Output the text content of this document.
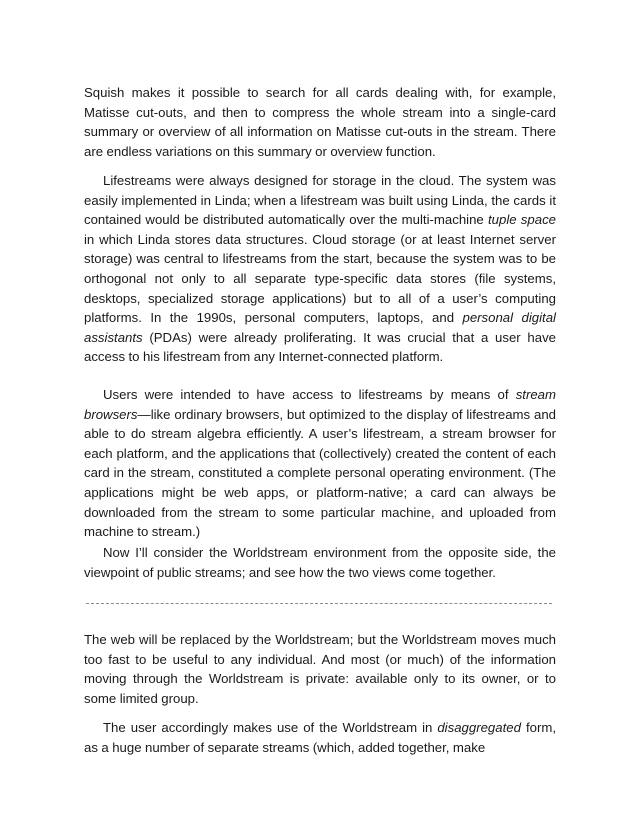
Squish makes it possible to search for all cards dealing with, for example, Matisse cut-outs, and then to compress the whole stream into a single-card summary or overview of all information on Matisse cut-outs in the stream. There are endless variations on this summary or overview function.

Lifestreams were always designed for storage in the cloud. The system was easily implemented in Linda; when a lifestream was built using Linda, the cards it contained would be distributed automatically over the multi-machine tuple space in which Linda stores data structures. Cloud storage (or at least Internet server storage) was central to lifestreams from the start, because the system was to be orthogonal not only to all separate type-specific data stores (file systems, desktops, specialized storage applications) but to all of a user’s computing platforms. In the 1990s, personal computers, laptops, and personal digital assistants (PDAs) were already proliferating. It was crucial that a user have access to his lifestream from any Internet-connected platform.

Users were intended to have access to lifestreams by means of stream browsers—like ordinary browsers, but optimized to the display of lifestreams and able to do stream algebra efficiently. A user’s lifestream, a stream browser for each platform, and the applications that (collectively) created the content of each card in the stream, constituted a complete personal operating environment. (The applications might be web apps, or platform-native; a card can always be downloaded from the stream to some particular machine, and uploaded from machine to stream.)

Now I’ll consider the Worldstream environment from the opposite side, the viewpoint of public streams; and see how the two views come together.

The web will be replaced by the Worldstream; but the Worldstream moves much too fast to be useful to any individual. And most (or much) of the information moving through the Worldstream is private: available only to its owner, or to some limited group.

The user accordingly makes use of the Worldstream in disaggregated form, as a huge number of separate streams (which, added together, make
